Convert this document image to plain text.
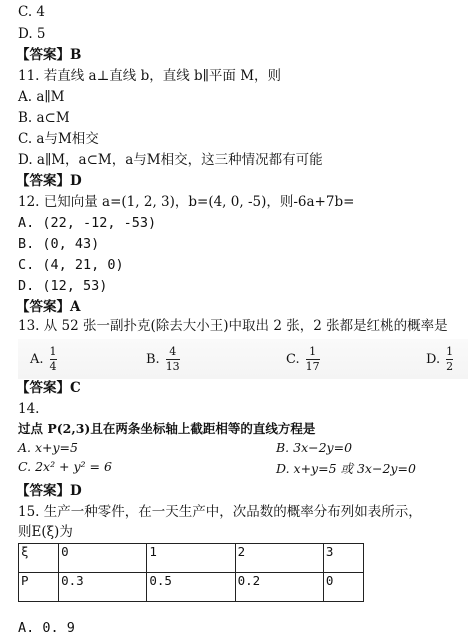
C. 4
D. 5
【答案】B
11. 若直线 a⊥直线 b，直线 b∥平面 M，则
A. a∥M
B. a⊂M
C. a与M相交
D. a∥M，a⊂M，a与M相交，这三种情况都有可能
【答案】D
12. 已知向量 a=(1, 2, 3)，b=(4, 0, -5)，则-6a+7b=
A. (22, -12, -53)
B. (0, 43)
C. (4, 21, 0)
D. (12, 53)
【答案】A
13. 从 52 张一副扑克(除去大小王)中取出 2 张，2 张都是红桃的概率是
A. $\frac{1}{4}$	B. $\frac{4}{13}$	C. $\frac{1}{17}$	D. $\frac{1}{2}$
【答案】C
14.
过点 P(2,3)且在两条坐标轴上截距相等的直线方程是
A. x+y=5	B. 3x−2y=0
C. 2x² + y² = 6	D. x+y=5 或 3x−2y=0
【答案】D
15. 生产一种零件，在一天生产中，次品数的概率分布列如表所示，
则E(ξ)为
ξ	0	1	2	3
P	0.3	0.5	0.2	0
A. 0. 9
